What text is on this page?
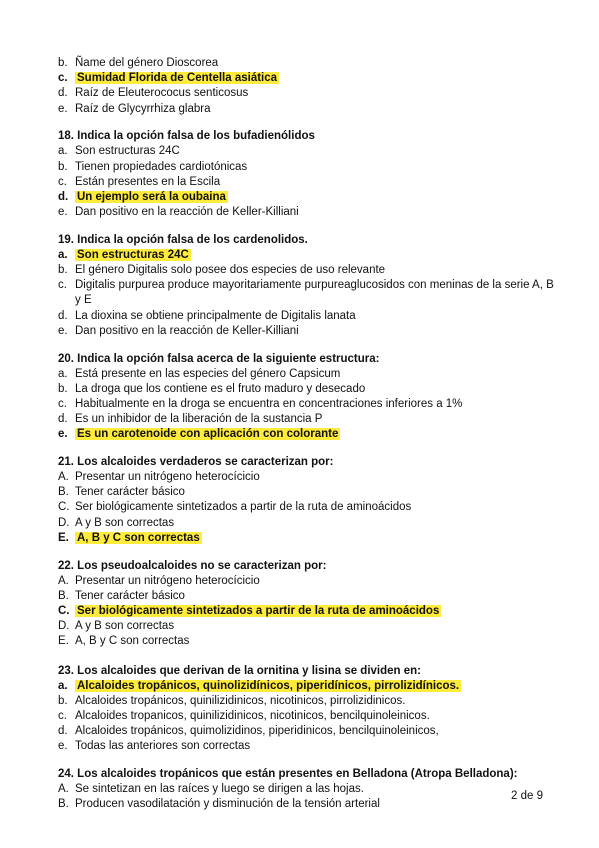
b. Ñame del género Dioscorea
c. Sumidad Florida de Centella asiática
d. Raíz de Eleuterococus senticosus
e. Raíz de Glycyrrhiza glabra
18. Indica la opción falsa de los bufadienólidos
a. Son estructuras 24C
b. Tienen propiedades cardiotónicas
c. Están presentes en la Escila
d. Un ejemplo será la oubaina
e. Dan positivo en la reacción de Keller-Killiani
19. Indica la opción falsa de los cardenolidos.
a. Son estructuras 24C
b. El género Digitalis solo posee dos especies de uso relevante
c. Digitalis purpurea produce mayoritariamente purpureaglucosidos con meninas de la serie A, B y E
d. La dioxina se obtiene principalmente de Digitalis lanata
e. Dan positivo en la reacción de Keller-Killiani
20. Indica la opción falsa acerca de la siguiente estructura:
a. Está presente en las especies del género Capsicum
b. La droga que los contiene es el fruto maduro y desecado
c. Habitualmente en la droga se encuentra en concentraciones inferiores a 1%
d. Es un inhibidor de la liberación de la sustancia P
e. Es un carotenoide con aplicación con colorante
21. Los alcaloides verdaderos se caracterizan por:
A. Presentar un nitrógeno heterocícicio
B. Tener carácter básico
C. Ser biológicamente sintetizados a partir de la ruta de aminoácidos
D. A y B son correctas
E. A, B y C son correctas
22. Los pseudoalcaloides no se caracterizan por:
A. Presentar un nitrógeno heterocícicio
B. Tener carácter básico
C. Ser biológicamente sintetizados a partir de la ruta de aminoácidos
D. A y B son correctas
E. A, B y C son correctas
23. Los alcaloides que derivan de la ornitina y lisina se dividen en:
a. Alcaloides tropánicos, quinolizidínicos, piperidínicos, pirrolizidínicos.
b. Alcaloides tropánicos, quinilizidinicos, nicotinicos, pirrolizidinicos.
c. Alcaloides tropanicos, quinilizidinicos, nicotinicos, bencilquinoleinicos.
d. Alcaloides tropánicos, quimolizidinos, piperidinicos, bencilquinoleinicos,
e. Todas las anteriores son correctas
24. Los alcaloides tropánicos que están presentes en Belladona (Atropa Belladona):
A. Se sintetizan en las raíces y luego se dirigen a las hojas.
B. Producen vasodilatación y disminución de la tensión arterial
2 de 9
